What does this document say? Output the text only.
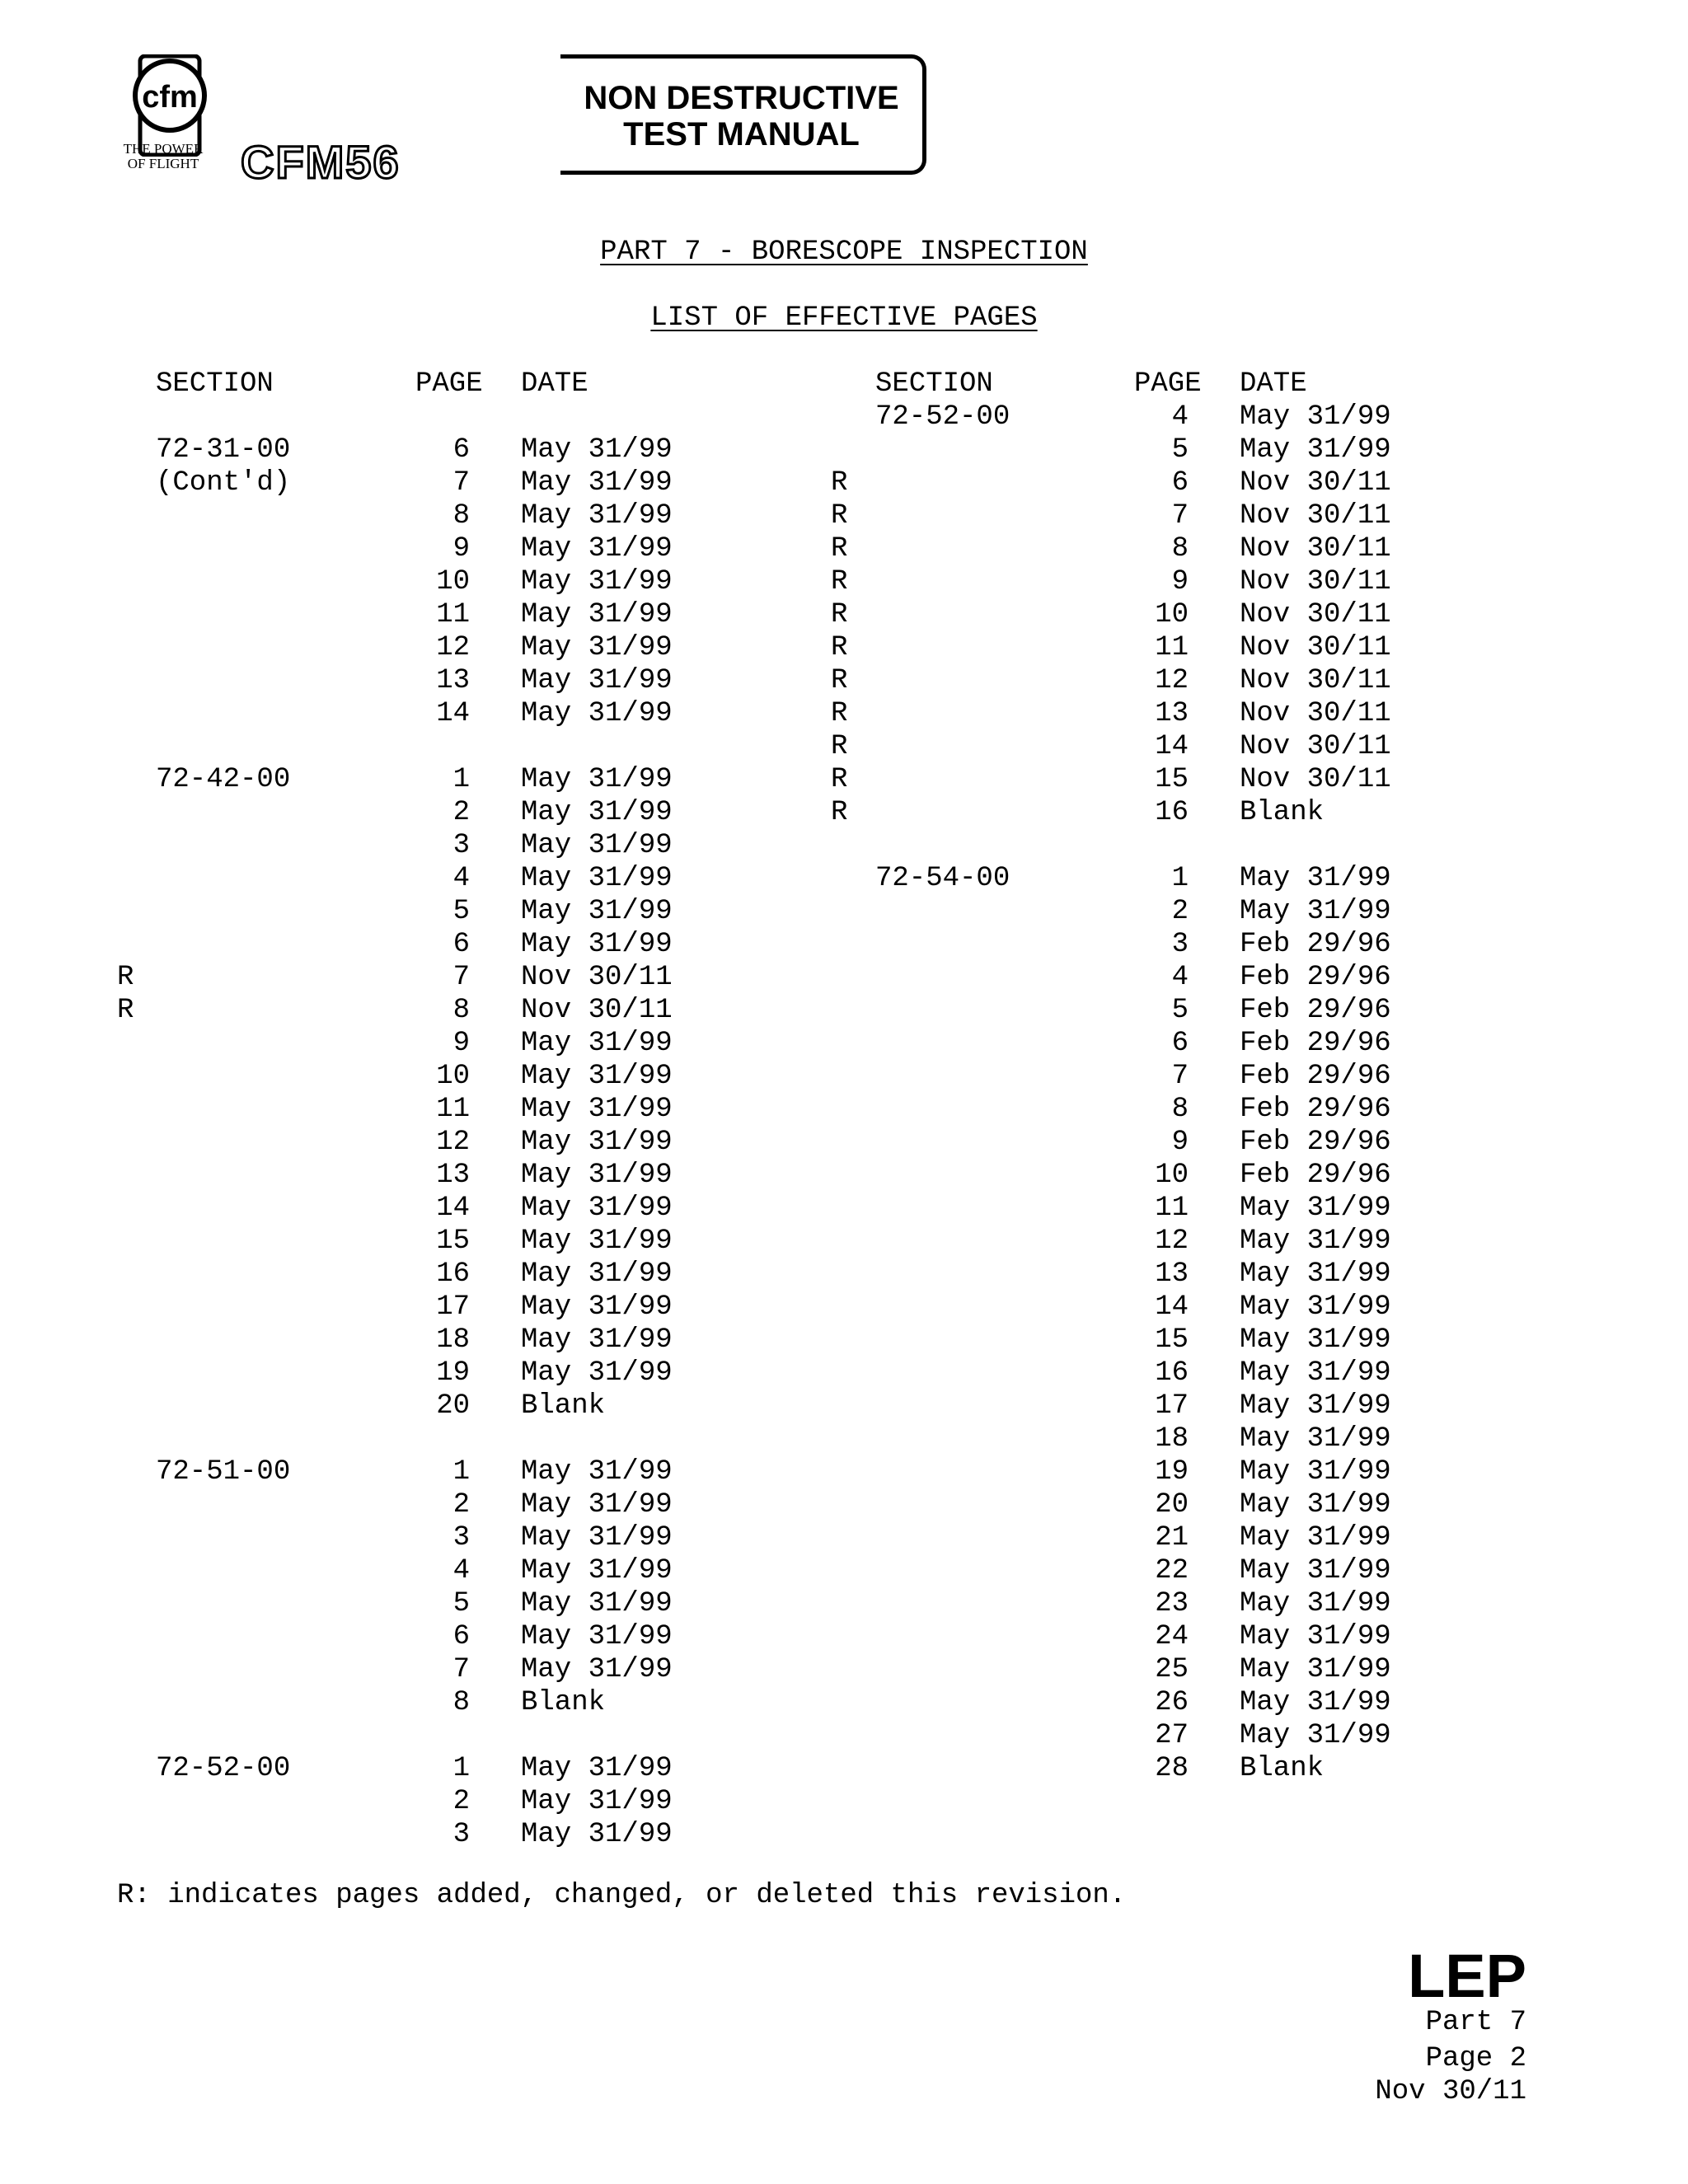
cfm
THE POWER
OF FLIGHT CFM56
NON DESTRUCTIVE
TEST MANUAL
PART 7 - BORESCOPE INSPECTION
LIST OF EFFECTIVE PAGES
SECTION	PAGE DATE	SECTION	PAGE DATE
72-31-00	6 May 31/99
(Cont'd)	7 May 31/99
8 May 31/99
9 May 31/99
10 May 31/99
11 May 31/99
12 May 31/99
13 May 31/99
14 May 31/99
72-42-00	1 May 31/99
2 May 31/99
3 May 31/99
4 May 31/99
5 May 31/99
6 May 31/99
R	7 Nov 30/11
R	8 Nov 30/11
9 May 31/99
10 May 31/99
11 May 31/99
12 May 31/99
13 May 31/99
14 May 31/99
15 May 31/99
16 May 31/99
17 May 31/99
18 May 31/99
19 May 31/99
20 Blank
72-51-00	1 May 31/99
2 May 31/99
3 May 31/99
4 May 31/99
5 May 31/99
6 May 31/99
7 May 31/99
8 Blank
72-52-00	1 May 31/99
2 May 31/99
3 May 31/99
72-52-00	4 May 31/99
5 May 31/99
R	6 Nov 30/11
R	7 Nov 30/11
R	8 Nov 30/11
R	9 Nov 30/11
R	10 Nov 30/11
R	11 Nov 30/11
R	12 Nov 30/11
R	13 Nov 30/11
R	14 Nov 30/11
R	15 Nov 30/11
R	16 Blank
72-54-00	1 May 31/99
2 May 31/99
3 Feb 29/96
4 Feb 29/96
5 Feb 29/96
6 Feb 29/96
7 Feb 29/96
8 Feb 29/96
9 Feb 29/96
10 Feb 29/96
11 May 31/99
12 May 31/99
13 May 31/99
14 May 31/99
15 May 31/99
16 May 31/99
17 May 31/99
18 May 31/99
19 May 31/99
20 May 31/99
21 May 31/99
22 May 31/99
23 May 31/99
24 May 31/99
25 May 31/99
26 May 31/99
27 May 31/99
28 Blank
R: indicates pages added, changed, or deleted this revision.
LEP
Part 7
Page 2
Nov 30/11
